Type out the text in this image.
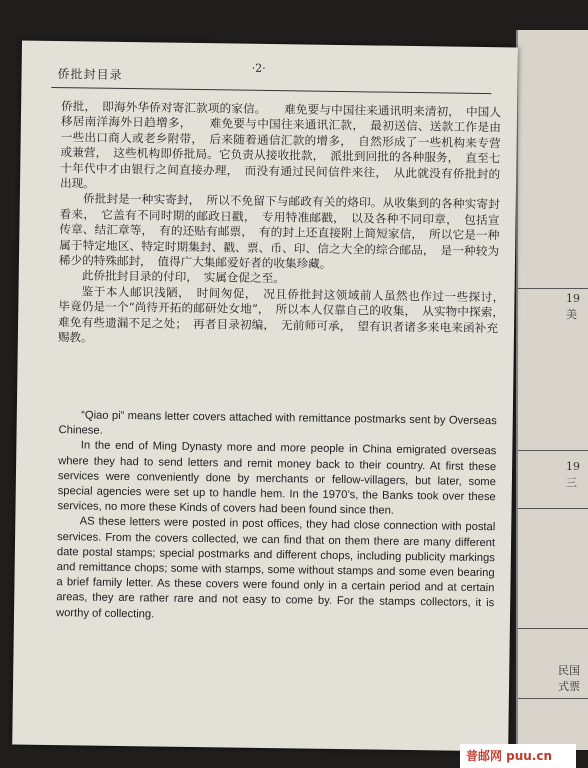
19
美
19
三
民国
式票
侨批封目录	·2·

侨批，　即海外华侨对寄汇款项的家信。　　难免要与中国往来通讯明来清初，　中国人移居南洋海外日趋增多，　　难免要与中国往来通讯汇款，　最初送信、送款工作是由一些出口商人或老乡附带，　后来随着通信汇款的增多，　自然形成了一些机构来专营或兼营，　这些机构即侨批局。它负责从接收批款，　派批到回批的各种服务，　直至七十年代中才由银行之间直接办理，　而没有通过民间信件来往，　从此就没有侨批封的出现。

侨批封是一种实寄封，　所以不免留下与邮政有关的烙印。从收集到的各种实寄封看来，　它盖有不同时期的邮政日戳，　专用特准邮戳，　以及各种不同印章，　包括宣传章、结汇章等，　有的还贴有邮票，　有的封上还直接附上简短家信，　所以它是一种属于特定地区、特定时期集封、戳、票、币、印、信之大全的综合邮品，　是一种较为稀少的特殊邮封，　值得广大集邮爱好者的收集珍藏。

此侨批封目录的付印，　实属仓促之至。

鉴于本人邮识浅陋，　时间匆促，　况且侨批封这领域前人虽然也作过一些探讨，　毕竟仍是一个“尚待开拓的邮研处女地”，　所以本人仅靠自己的收集，　从实物中探索，　难免有些遗漏不足之处；　再者目录初编，　无前师可承，　望有识者诸多来电来函补充赐教。

“Qiao pi” means letter covers attached with remittance postmarks sent by Overseas Chinese.

In the end of Ming Dynasty more and more people in China emigrated overseas where they had to send letters and remit money back to their country. At first these services were conveniently done by merchants or fellow-villagers, but later, some special agencies were set up to handle hem. In the 1970’s, the Banks took over these services, no more these Kinds of covers had been found since then.

AS these letters were posted in post offices, they had close connection with postal services. From the covers collected, we can find that on them there are many different date postal stamps; special postmarks and different chops, including publicity markings and remittance chops; some with stamps, some without stamps and some even bearing a brief family letter. As these covers were found only in a certain period and at certain areas, they are rather rare and not easy to come by. For the stamps collectors, it is worthy of collecting.

普邮网 puu.cn
